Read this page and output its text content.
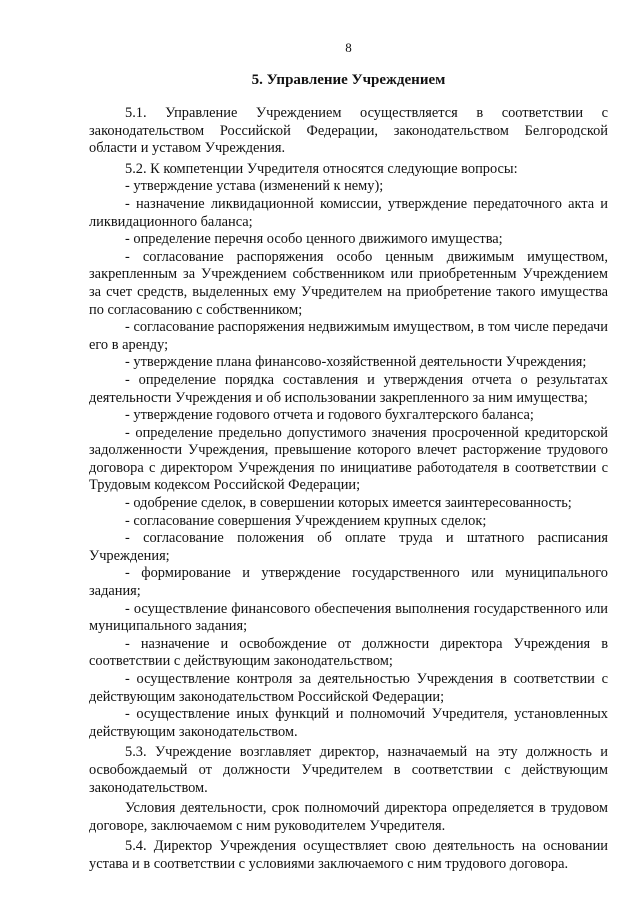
8
5. Управление Учреждением

5.1. Управление Учреждением осуществляется в соответствии с законодательством Российской Федерации, законодательством Белгородской области и уставом Учреждения.

5.2. К компетенции Учредителя относятся следующие вопросы:

- утверждение устава (изменений к нему);

- назначение ликвидационной комиссии, утверждение передаточного акта и ликвидационного баланса;

- определение перечня особо ценного движимого имущества;

- согласование распоряжения особо ценным движимым имуществом, закрепленным за Учреждением собственником или приобретенным Учреждением за счет средств, выделенных ему Учредителем на приобретение такого имущества по согласованию с собственником;

- согласование распоряжения недвижимым имуществом, в том числе передачи его в аренду;

- утверждение плана финансово-хозяйственной деятельности Учреждения;

- определение порядка составления и утверждения отчета о результатах деятельности Учреждения и об использовании закрепленного за ним имущества;

- утверждение годового отчета и годового бухгалтерского баланса;

- определение предельно допустимого значения просроченной кредиторской задолженности Учреждения, превышение которого влечет расторжение трудового договора с директором Учреждения по инициативе работодателя в соответствии с Трудовым кодексом Российской Федерации;

- одобрение сделок, в совершении которых имеется заинтересованность;

- согласование совершения Учреждением крупных сделок;

- согласование положения об оплате труда и штатного расписания Учреждения;

- формирование и утверждение государственного или муниципального задания;

- осуществление финансового обеспечения выполнения государственного или муниципального задания;

- назначение и освобождение от должности директора Учреждения в соответствии с действующим законодательством;

- осуществление контроля за деятельностью Учреждения в соответствии с действующим законодательством Российской Федерации;

- осуществление иных функций и полномочий Учредителя, установленных действующим законодательством.

5.3. Учреждение возглавляет директор, назначаемый на эту должность и освобождаемый от должности Учредителем в соответствии с действующим законодательством.

Условия деятельности, срок полномочий директора определяется в трудовом договоре, заключаемом с ним руководителем Учредителя.

5.4. Директор Учреждения осуществляет свою деятельность на основании устава и в соответствии с условиями заключаемого с ним трудового договора.
